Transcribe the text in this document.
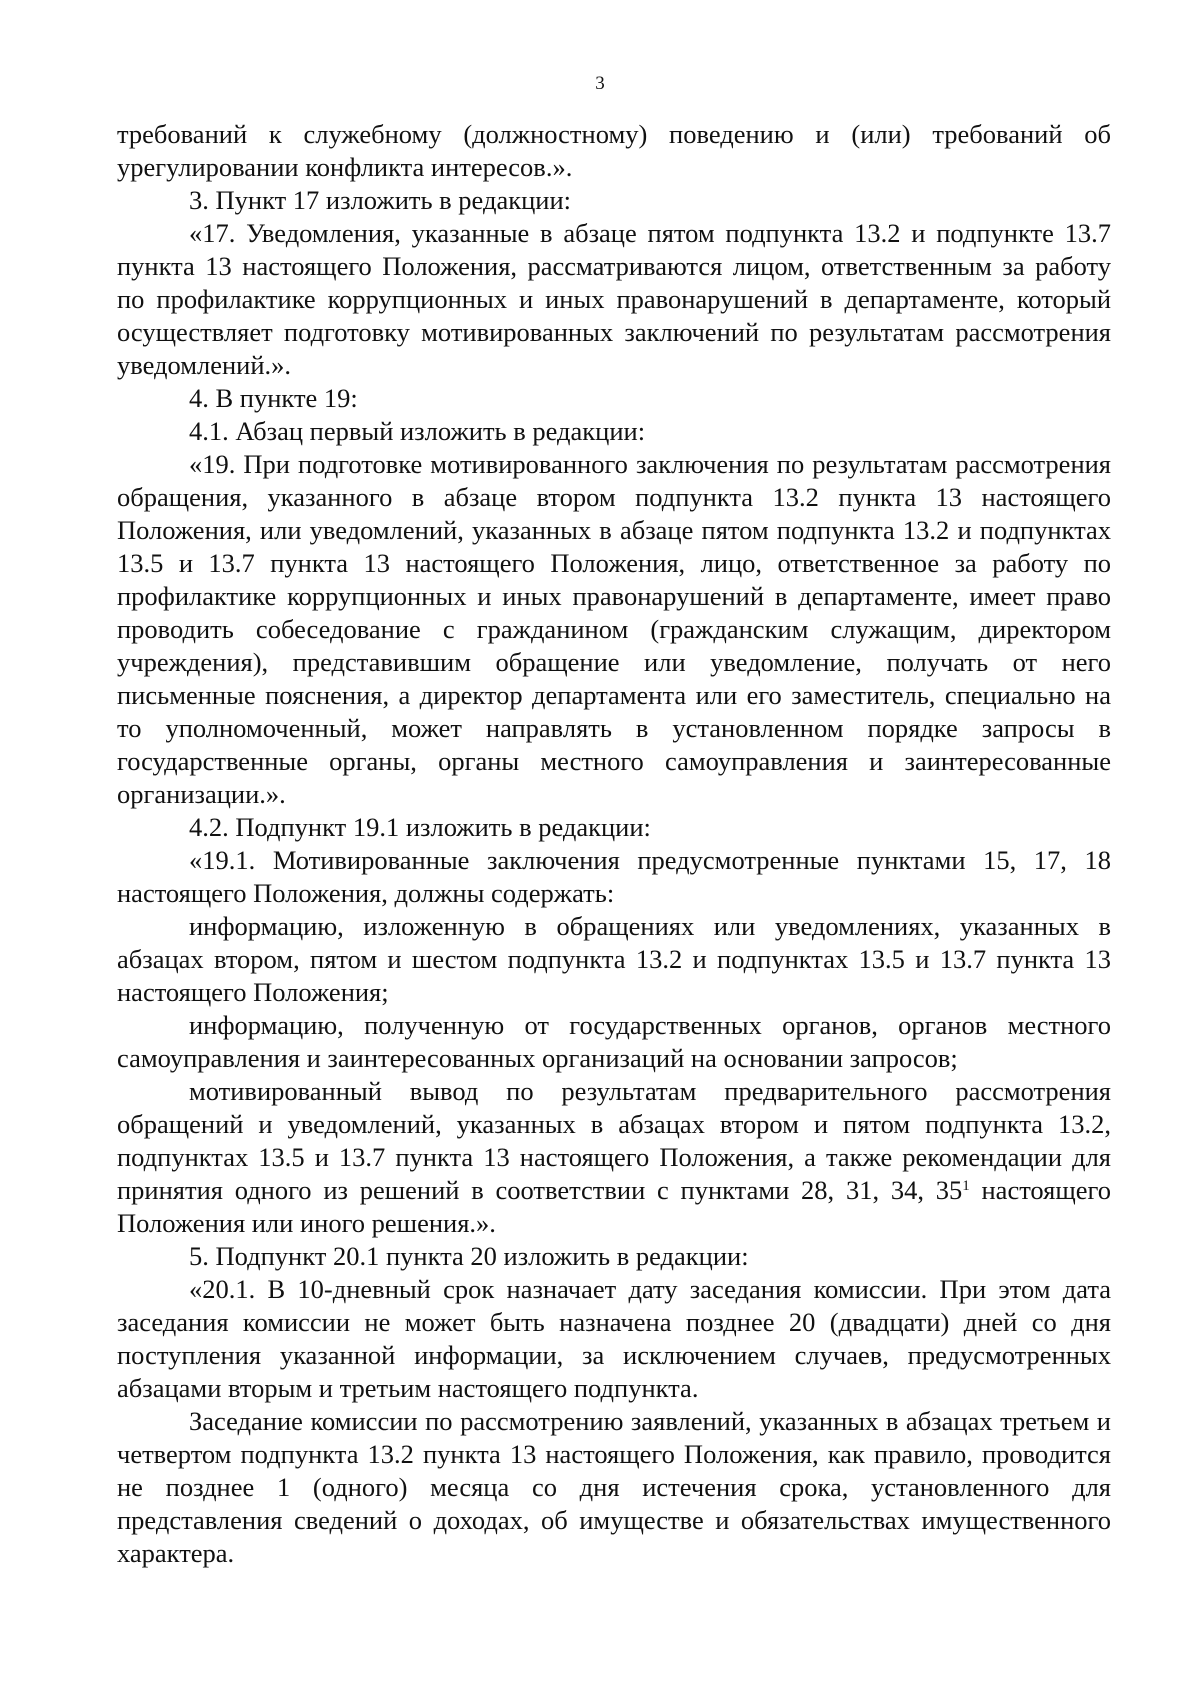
3

требований к служебному (должностному) поведению и (или) требований об урегулировании конфликта интересов.».

3. Пункт 17 изложить в редакции:

«17. Уведомления, указанные в абзаце пятом подпункта 13.2 и подпункте 13.7 пункта 13 настоящего Положения, рассматриваются лицом, ответственным за работу по профилактике коррупционных и иных правонарушений в департаменте, который осуществляет подготовку мотивированных заключений по результатам рассмотрения уведомлений.».

4. В пункте 19:

4.1. Абзац первый изложить в редакции:

«19. При подготовке мотивированного заключения по результатам рассмотрения обращения, указанного в абзаце втором подпункта 13.2 пункта 13 настоящего Положения, или уведомлений, указанных в абзаце пятом подпункта 13.2 и подпунктах 13.5 и 13.7 пункта 13 настоящего Положения, лицо, ответственное за работу по профилактике коррупционных и иных правонарушений в департаменте, имеет право проводить собеседование с гражданином (гражданским служащим, директором учреждения), представившим обращение или уведомление, получать от него письменные пояснения, а директор департамента или его заместитель, специально на то уполномоченный, может направлять в установленном порядке запросы в государственные органы, органы местного самоуправления и заинтересованные организации.».

4.2. Подпункт 19.1 изложить в редакции:

«19.1. Мотивированные заключения предусмотренные пунктами 15, 17, 18 настоящего Положения, должны содержать:

информацию, изложенную в обращениях или уведомлениях, указанных в абзацах втором, пятом и шестом подпункта 13.2 и подпунктах 13.5 и 13.7 пункта 13 настоящего Положения;

информацию, полученную от государственных органов, органов местного самоуправления и заинтересованных организаций на основании запросов;

мотивированный вывод по результатам предварительного рассмотрения обращений и уведомлений, указанных в абзацах втором и пятом подпункта 13.2, подпунктах 13.5 и 13.7 пункта 13 настоящего Положения, а также рекомендации для принятия одного из решений в соответствии с пунктами 28, 31, 34, $35^1$ настоящего Положения или иного решения.».

5. Подпункт 20.1 пункта 20 изложить в редакции:

«20.1. В 10-дневный срок назначает дату заседания комиссии. При этом дата заседания комиссии не может быть назначена позднее 20 (двадцати) дней со дня поступления указанной информации, за исключением случаев, предусмотренных абзацами вторым и третьим настоящего подпункта.

Заседание комиссии по рассмотрению заявлений, указанных в абзацах третьем и четвертом подпункта 13.2 пункта 13 настоящего Положения, как правило, проводится не позднее 1 (одного) месяца со дня истечения срока, установленного для представления сведений о доходах, об имуществе и обязательствах имущественного характера.
